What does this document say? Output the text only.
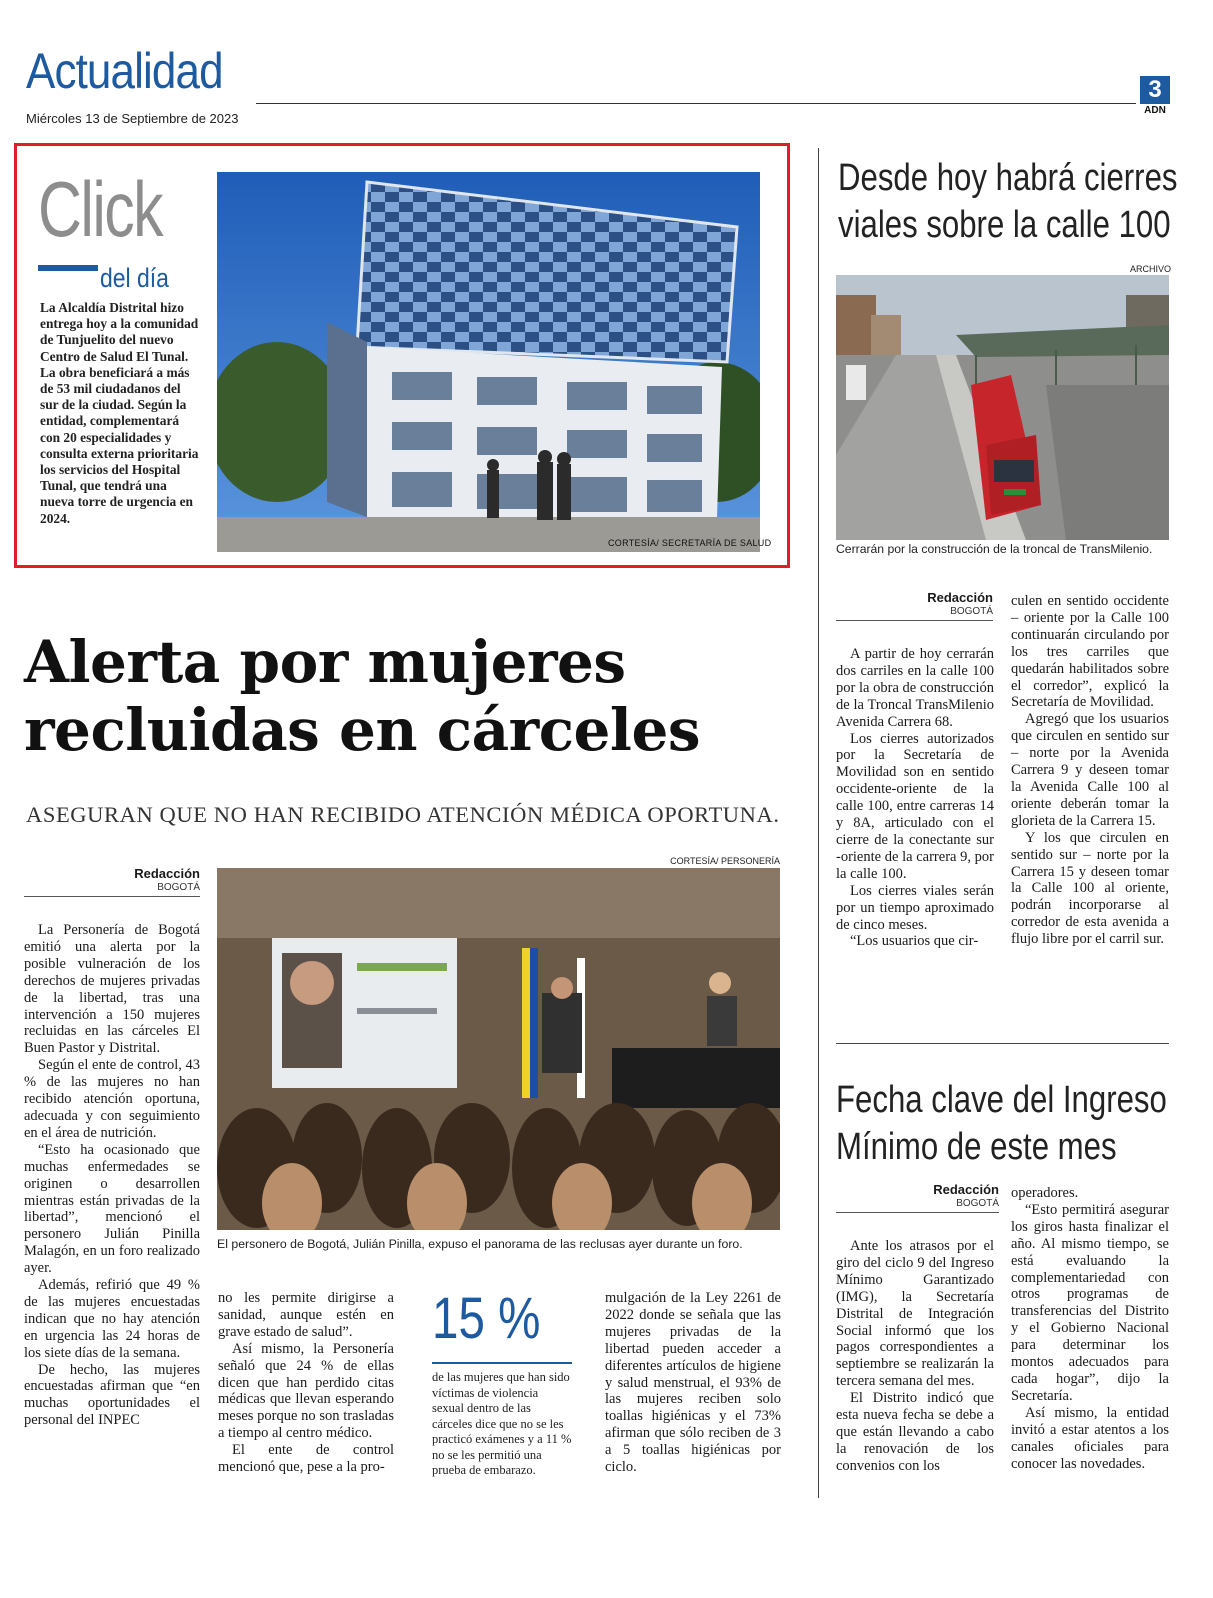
Actualidad
Miércoles 13 de Septiembre de 2023
3
ADN
Click
del día
La Alcaldía Distrital hizo entrega hoy a la comunidad de Tunjuelito del nuevo Centro de Salud El Tunal. La obra beneficiará a más de 53 mil ciudadanos del sur de la ciudad. Según la entidad, complementará con 20 especialidades y consulta externa prioritaria los servicios del Hospital Tunal, que tendrá una nueva torre de urgencia en 2024.
CORTESÍA/ SECRETARÍA DE SALUD
Alerta por mujeres recluidas en cárceles
ASEGURAN QUE NO HAN RECIBIDO ATENCIÓN MÉDICA OPORTUNA.
Redacción
BOGOTÁ
CORTESÍA/ PERSONERÍA
El personero de Bogotá, Julián Pinilla, expuso el panorama de las reclusas ayer durante un foro.

La Personería de Bogotá emitió una alerta por la posible vulneración de los derechos de mujeres privadas de la libertad, tras una intervención a 150 mujeres recluidas en las cárceles El Buen Pastor y Distrital.

Según el ente de control, 43 % de las mujeres no han recibido atención oportuna, adecuada y con seguimiento en el área de nutrición.

“Esto ha ocasionado que muchas enfermedades se originen o desarrollen mientras están privadas de la libertad”, mencionó el personero Julián Pinilla Malagón, en un foro realizado ayer.

Además, refirió que 49 % de las mujeres encuestadas indican que no hay atención en urgencia las 24 horas de los siete días de la semana.

De hecho, las mujeres encuestadas afirman que “en muchas oportunidades el personal del INPEC

no les permite dirigirse a sanidad, aunque estén en grave estado de salud”.

Así mismo, la Personería señaló que 24 % de ellas dicen que han perdido citas médicas que llevan esperando meses porque no son trasladas a tiempo al centro médico.

El ente de control mencionó que, pese a la pro-

15 %
de las mujeres que han sido víctimas de violencia sexual dentro de las cárceles dice que no se les practicó exámenes y a 11 % no se les permitió una prueba de embarazo.

mulgación de la Ley 2261 de 2022 donde se señala que las mujeres privadas de la libertad pueden acceder a diferentes artículos de higiene y salud menstrual, el 93% de las mujeres reciben solo toallas higiénicas y el 73% afirman que sólo reciben de 3 a 5 toallas higiénicas por ciclo.

Desde hoy habrá cierres
viales sobre la calle 100
ARCHIVO
Cerrarán por la construcción de la troncal de TransMilenio.
Redacción
BOGOTÁ

A partir de hoy cerrarán dos carriles en la calle 100 por la obra de construcción de la Troncal TransMilenio Avenida Carrera 68.

Los cierres autorizados por la Secretaría de Movilidad son en sentido occidente-oriente de la calle 100, entre carreras 14 y 8A, articulado con el cierre de la conectante sur -oriente de la carrera 9, por la calle 100.

Los cierres viales serán por un tiempo aproximado de cinco meses.

“Los usuarios que cir-

culen en sentido occidente – oriente por la Calle 100 continuarán circulando por los tres carriles que quedarán habilitados sobre el corredor”, explicó la Secretaría de Movilidad.

Agregó que los usuarios que circulen en sentido sur – norte por la Avenida Carrera 9 y deseen tomar la Avenida Calle 100 al oriente deberán tomar la glorieta de la Carrera 15.

Y los que circulen en sentido sur – norte por la Carrera 15 y deseen tomar la Calle 100 al oriente, podrán incorporarse al corredor de esta avenida a flujo libre por el carril sur.

Fecha clave del Ingreso
Mínimo de este mes
Redacción
BOGOTÁ

Ante los atrasos por el giro del ciclo 9 del Ingreso Mínimo Garantizado (IMG), la Secretaría Distrital de Integración Social informó que los pagos correspondientes a septiembre se realizarán la tercera semana del mes.

El Distrito indicó que esta nueva fecha se debe a que están llevando a cabo la renovación de los convenios con los

operadores.

“Esto permitirá asegurar los giros hasta finalizar el año. Al mismo tiempo, se está evaluando la complementariedad con otros programas de transferencias del Distrito y el Gobierno Nacional para determinar los montos adecuados para cada hogar”, dijo la Secretaría.

Así mismo, la entidad invitó a estar atentos a los canales oficiales para conocer las novedades.
